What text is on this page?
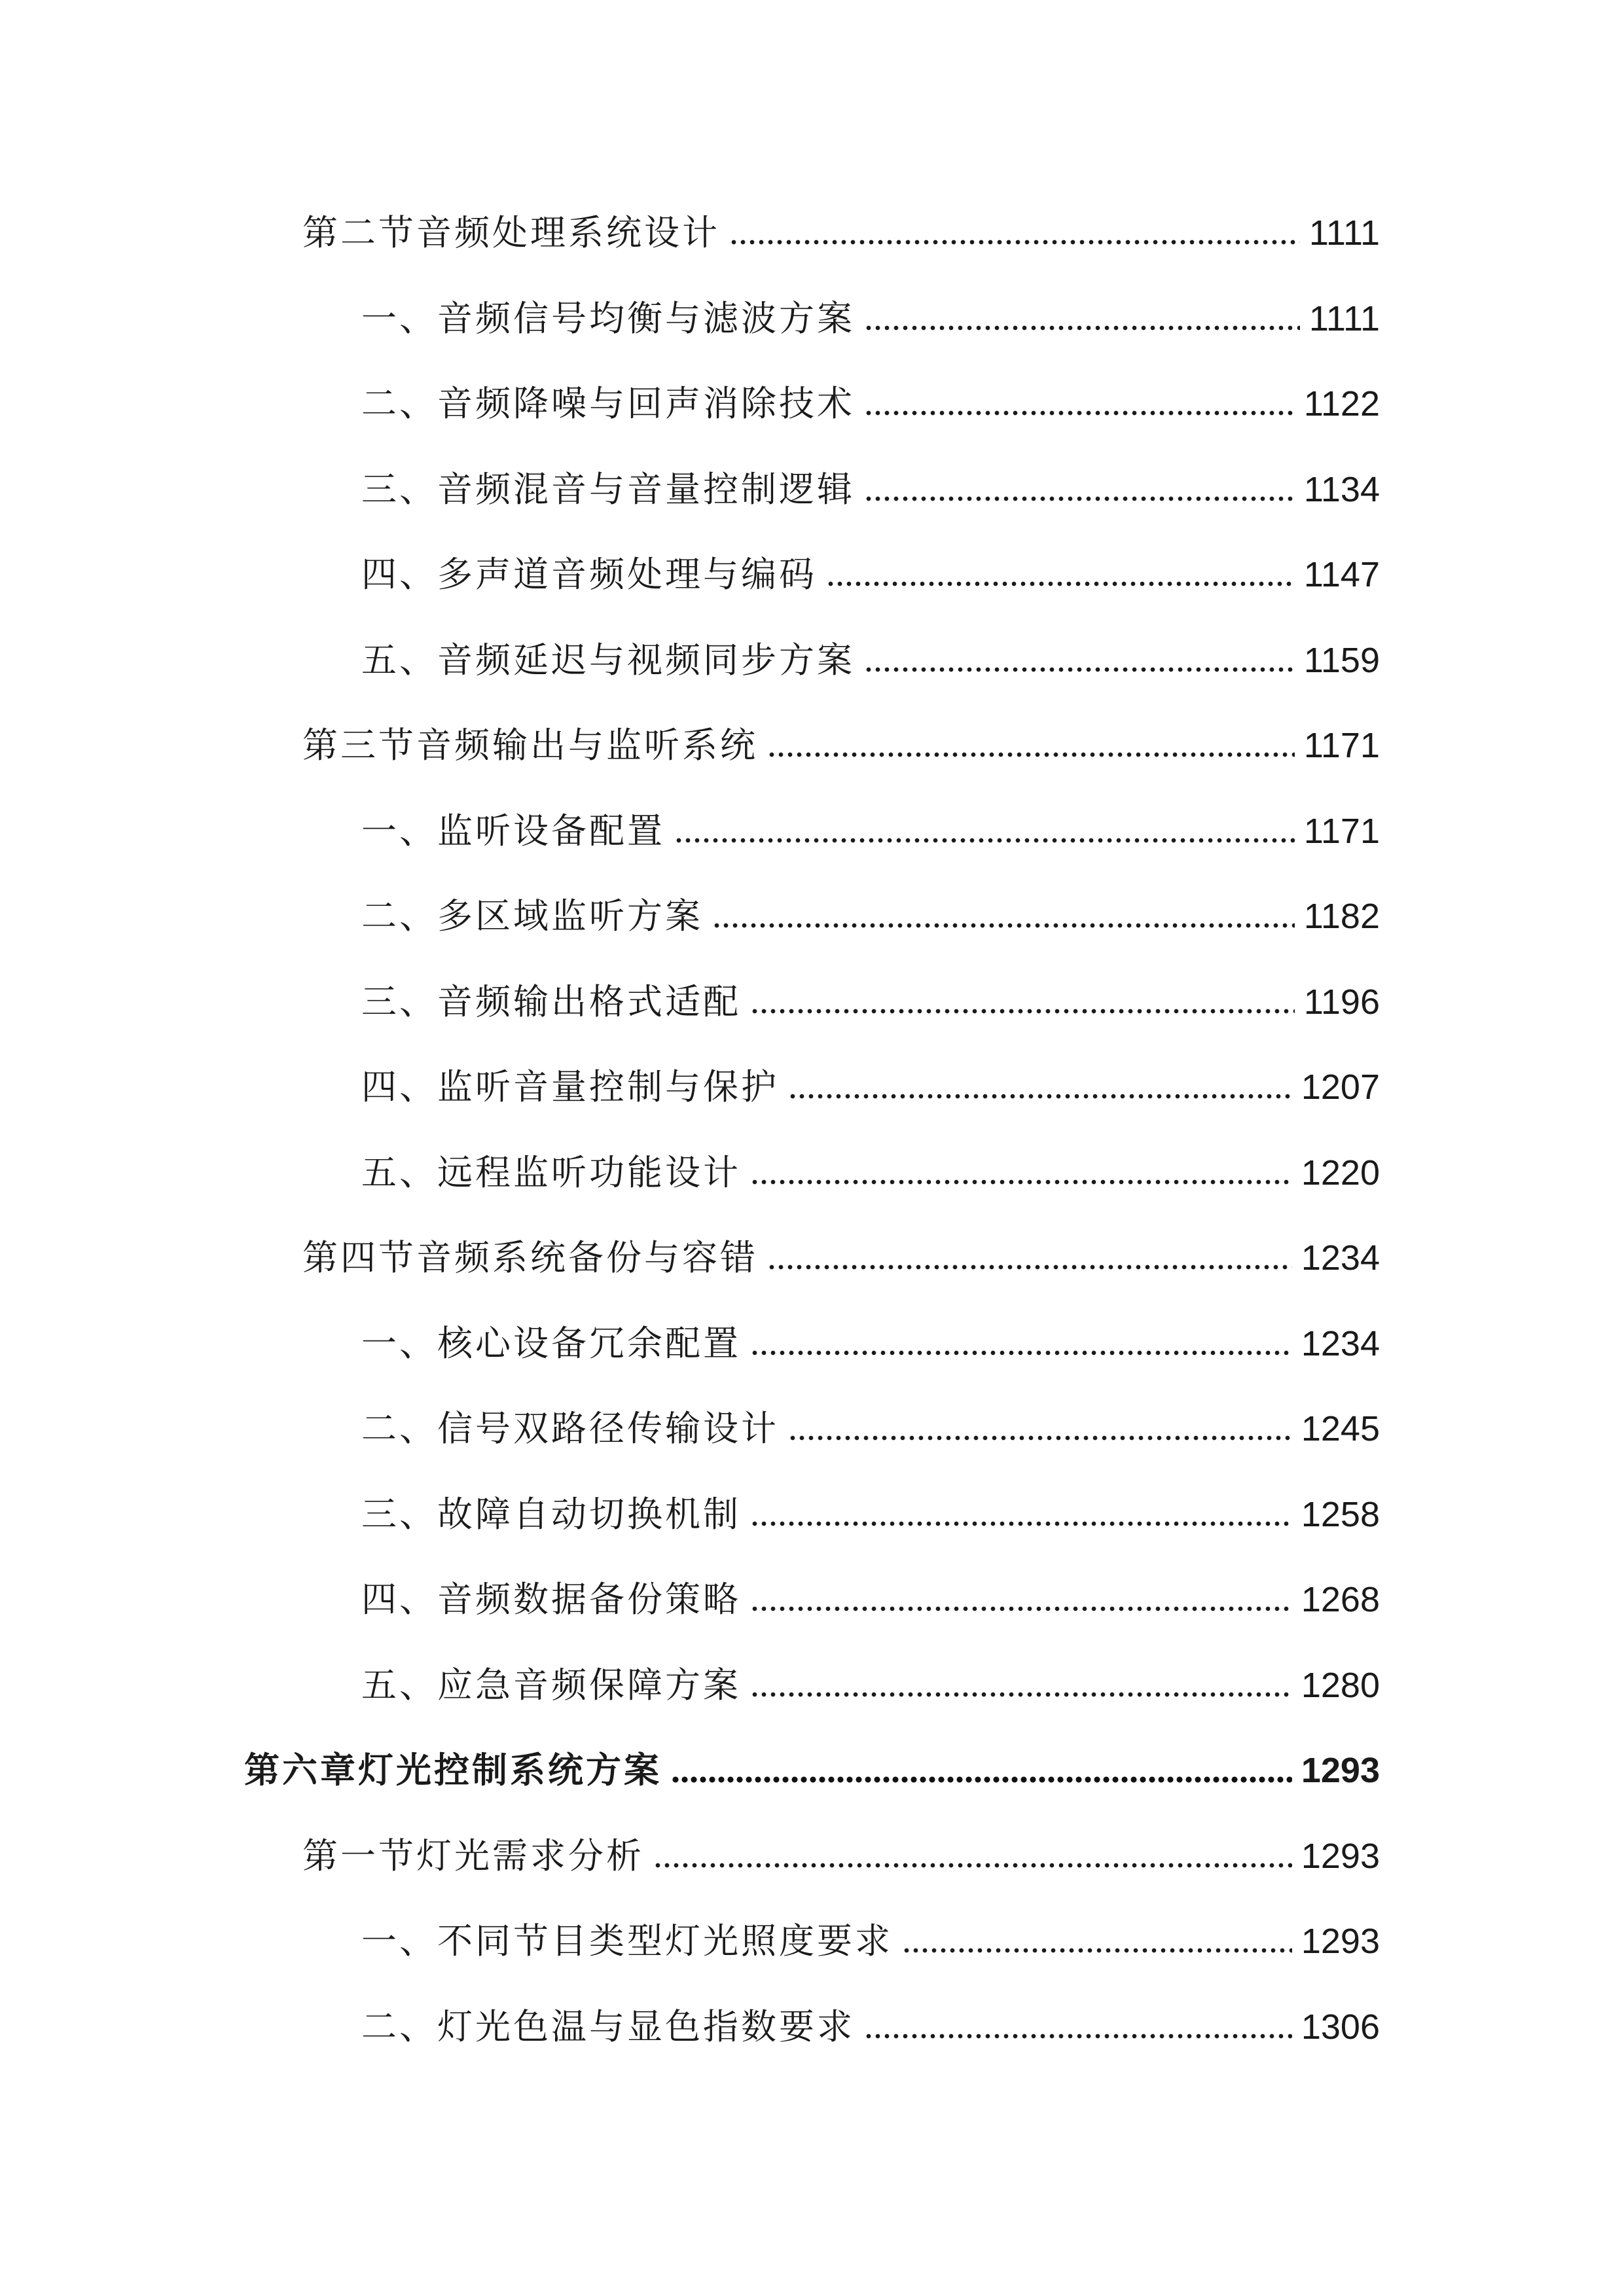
第二节音频处理系统设计	1111
一、音频信号均衡与滤波方案	1111
二、音频降噪与回声消除技术	1122
三、音频混音与音量控制逻辑	1134
四、多声道音频处理与编码	1147
五、音频延迟与视频同步方案	1159
第三节音频输出与监听系统	1171
一、监听设备配置	1171
二、多区域监听方案	1182
三、音频输出格式适配	1196
四、监听音量控制与保护	1207
五、远程监听功能设计	1220
第四节音频系统备份与容错	1234
一、核心设备冗余配置	1234
二、信号双路径传输设计	1245
三、故障自动切换机制	1258
四、音频数据备份策略	1268
五、应急音频保障方案	1280
第六章灯光控制系统方案	1293
第一节灯光需求分析	1293
一、不同节目类型灯光照度要求	1293
二、灯光色温与显色指数要求	1306
